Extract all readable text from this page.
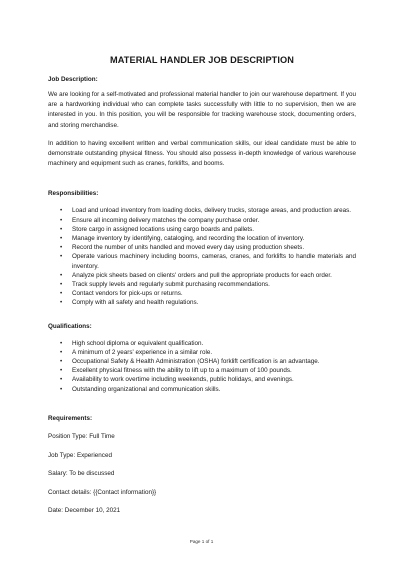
MATERIAL HANDLER JOB DESCRIPTION
Job Description:

We are looking for a self-motivated and professional material handler to join our warehouse department. If you are a hardworking individual who can complete tasks successfully with little to no supervision, then we are interested in you. In this position, you will be responsible for tracking warehouse stock, documenting orders, and storing merchandise.

In addition to having excellent written and verbal communication skills, our ideal candidate must be able to demonstrate outstanding physical fitness. You should also possess in-depth knowledge of various warehouse machinery and equipment such as cranes, forklifts, and booms.

Responsibilities:
• Load and unload inventory from loading docks, delivery trucks, storage areas, and production areas.
• Ensure all incoming delivery matches the company purchase order.
• Store cargo in assigned locations using cargo boards and pallets.
• Manage inventory by identifying, cataloging, and recording the location of inventory.
• Record the number of units handled and moved every day using production sheets.
• Operate various machinery including booms, cameras, cranes, and forklifts to handle materials and inventory.
• Analyze pick sheets based on clients' orders and pull the appropriate products for each order.
• Track supply levels and regularly submit purchasing recommendations.
• Contact vendors for pick-ups or returns.
• Comply with all safety and health regulations.
Qualifications:
• High school diploma or equivalent qualification.
• A minimum of 2 years' experience in a similar role.
• Occupational Safety & Health Administration (OSHA) forklift certification is an advantage.
• Excellent physical fitness with the ability to lift up to a maximum of 100 pounds.
• Availability to work overtime including weekends, public holidays, and evenings.
• Outstanding organizational and communication skills.
Requirements:
Position Type: Full Time
Job Type: Experienced
Salary: To be discussed
Contact details: {{Contact information}}
Date: December 10, 2021
Page 1 of 1
